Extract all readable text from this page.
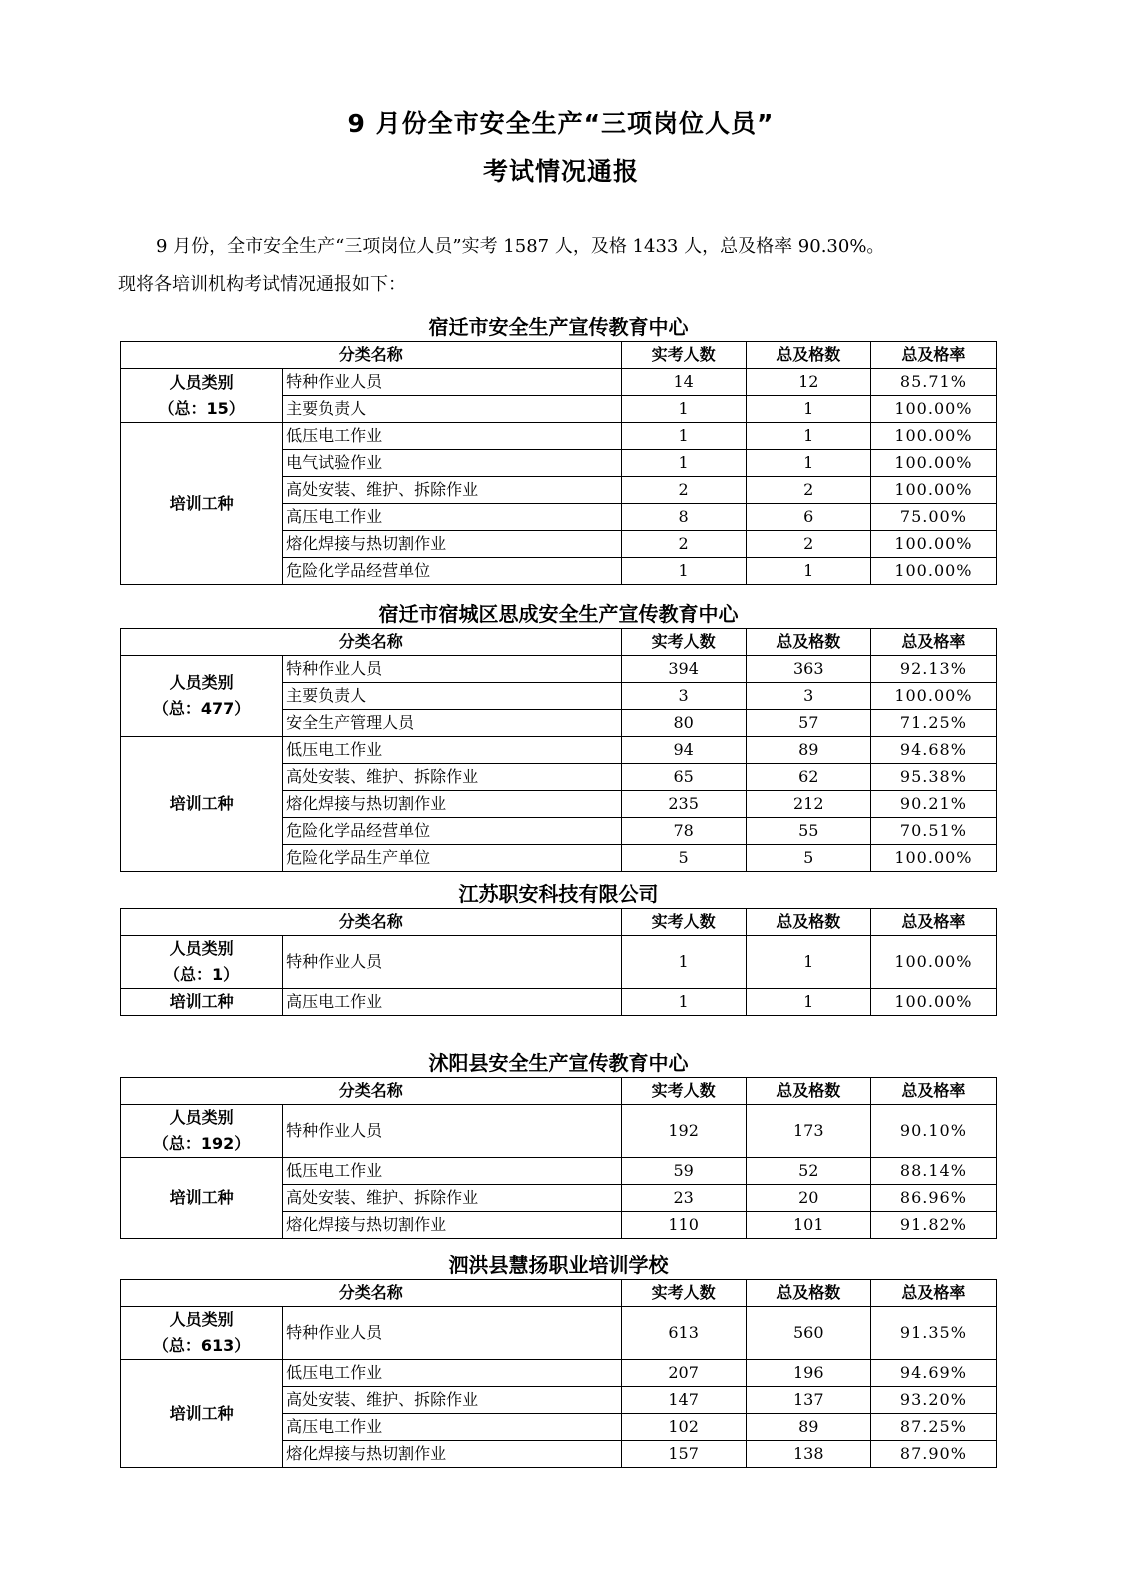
9 月份全市安全生产“三项岗位人员”
考试情况通报
9 月份，全市安全生产“三项岗位人员”实考 1587 人，及格 1433 人，总及格率 90.30%。
现将各培训机构考试情况通报如下：
宿迁市安全生产宣传教育中心
分类名称		实考人数	总及格数	总及格率

人员类别
（总：15）	特种作业人员	14	12	85.71%
	主要负责人	1	1	100.00%

培训工种	低压电工作业	1	1	100.00%
	电气试验作业	1	1	100.00%
	高处安装、维护、拆除作业	2	2	100.00%
	高压电工作业	8	6	75.00%
	熔化焊接与热切割作业	2	2	100.00%
	危险化学品经营单位	1	1	100.00%
宿迁市宿城区思成安全生产宣传教育中心
分类名称		实考人数	总及格数	总及格率

人员类别
（总：477）	特种作业人员	394	363	92.13%
	主要负责人	3	3	100.00%
	安全生产管理人员	80	57	71.25%

培训工种	低压电工作业	94	89	94.68%
	高处安装、维护、拆除作业	65	62	95.38%
	熔化焊接与热切割作业	235	212	90.21%
	危险化学品经营单位	78	55	70.51%
	危险化学品生产单位	5	5	100.00%
江苏职安科技有限公司
分类名称		实考人数	总及格数	总及格率

人员类别
（总：1）	特种作业人员	1	1	100.00%

培训工种	高压电工作业	1	1	100.00%
沭阳县安全生产宣传教育中心
分类名称		实考人数	总及格数	总及格率

人员类别
（总：192）	特种作业人员	192	173	90.10%

培训工种	低压电工作业	59	52	88.14%
	高处安装、维护、拆除作业	23	20	86.96%
	熔化焊接与热切割作业	110	101	91.82%
泗洪县慧扬职业培训学校
分类名称		实考人数	总及格数	总及格率

人员类别
（总：613）	特种作业人员	613	560	91.35%

培训工种	低压电工作业	207	196	94.69%
	高处安装、维护、拆除作业	147	137	93.20%
	高压电工作业	102	89	87.25%
	熔化焊接与热切割作业	157	138	87.90%
